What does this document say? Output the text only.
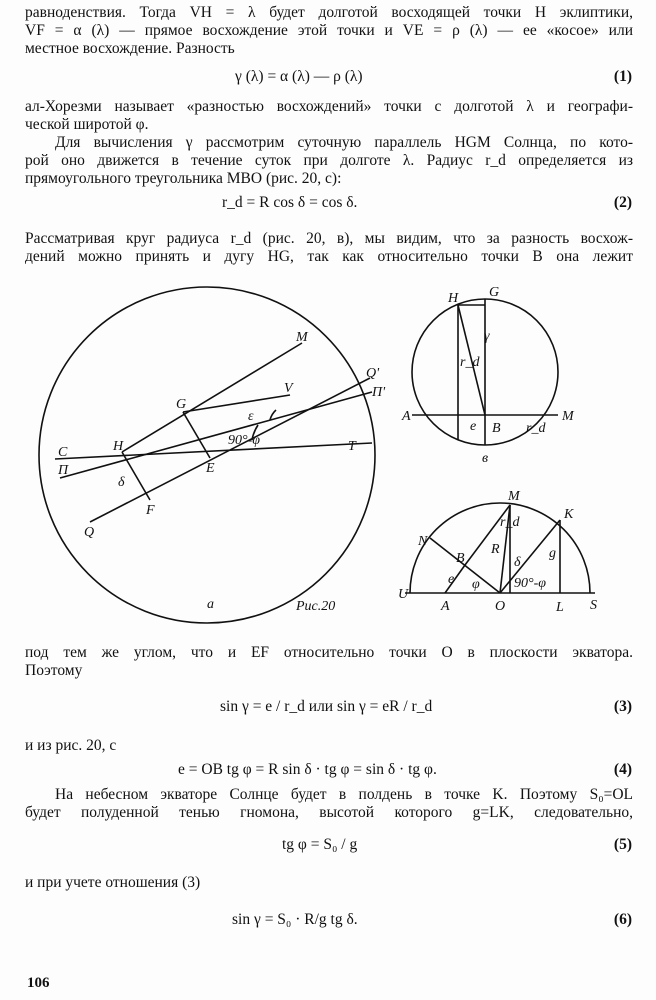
равноденствия. Тогда VH = λ будет долготой восходящей точки H эклиптики,
VF = α (λ) — прямое восхождение этой точки и VE = ρ (λ) — ее «косое» или
местное восхождение. Разность
γ (λ) = α (λ) — ρ (λ)	(1)
ал-Хорезми называет «разностью восхождений» точки с долготой λ и географи-
ческой широтой φ.
Для вычисления γ рассмотрим суточную параллель HGM Солнца, по кото-
рой оно движется в течение суток при долготе λ. Радиус r_d определяется из
прямоугольного треугольника MBO (рис. 20, с):
r_d = R cos δ = cos δ.	(2)
Рассматривая круг радиуса r_d (рис. 20, в), мы видим, что за разность восхож-
дений можно принять и дугу HG, так как относительно точки B она лежит
C
П
H
G
E
F
Q
M
Q'
П'
V
ε
90°-φ	T
δ
a	Рис.20
H G
A
e B r_d
M
в
r_d
γ
N
M
K
B
e φ
R
δ
90°-φ
g
r_d
U
A	O	L S
под тем же углом, что и EF относительно точки O в плоскости экватора.
Поэтому
sin γ = e / r_d или sin γ = eR / r_d	(3)
и из рис. 20, с
e = OB tg φ = R sin δ · tg φ = sin δ · tg φ.	(4)
На небесном экваторе Солнце будет в полдень в точке K. Поэтому S₀=OL
будет полуденной тенью гномона, высотой которого g=LK, следовательно,
tg φ = S₀ / g	(5)
и при учете отношения (3)
sin γ = S₀ · R/g tg δ.	(6)
106
